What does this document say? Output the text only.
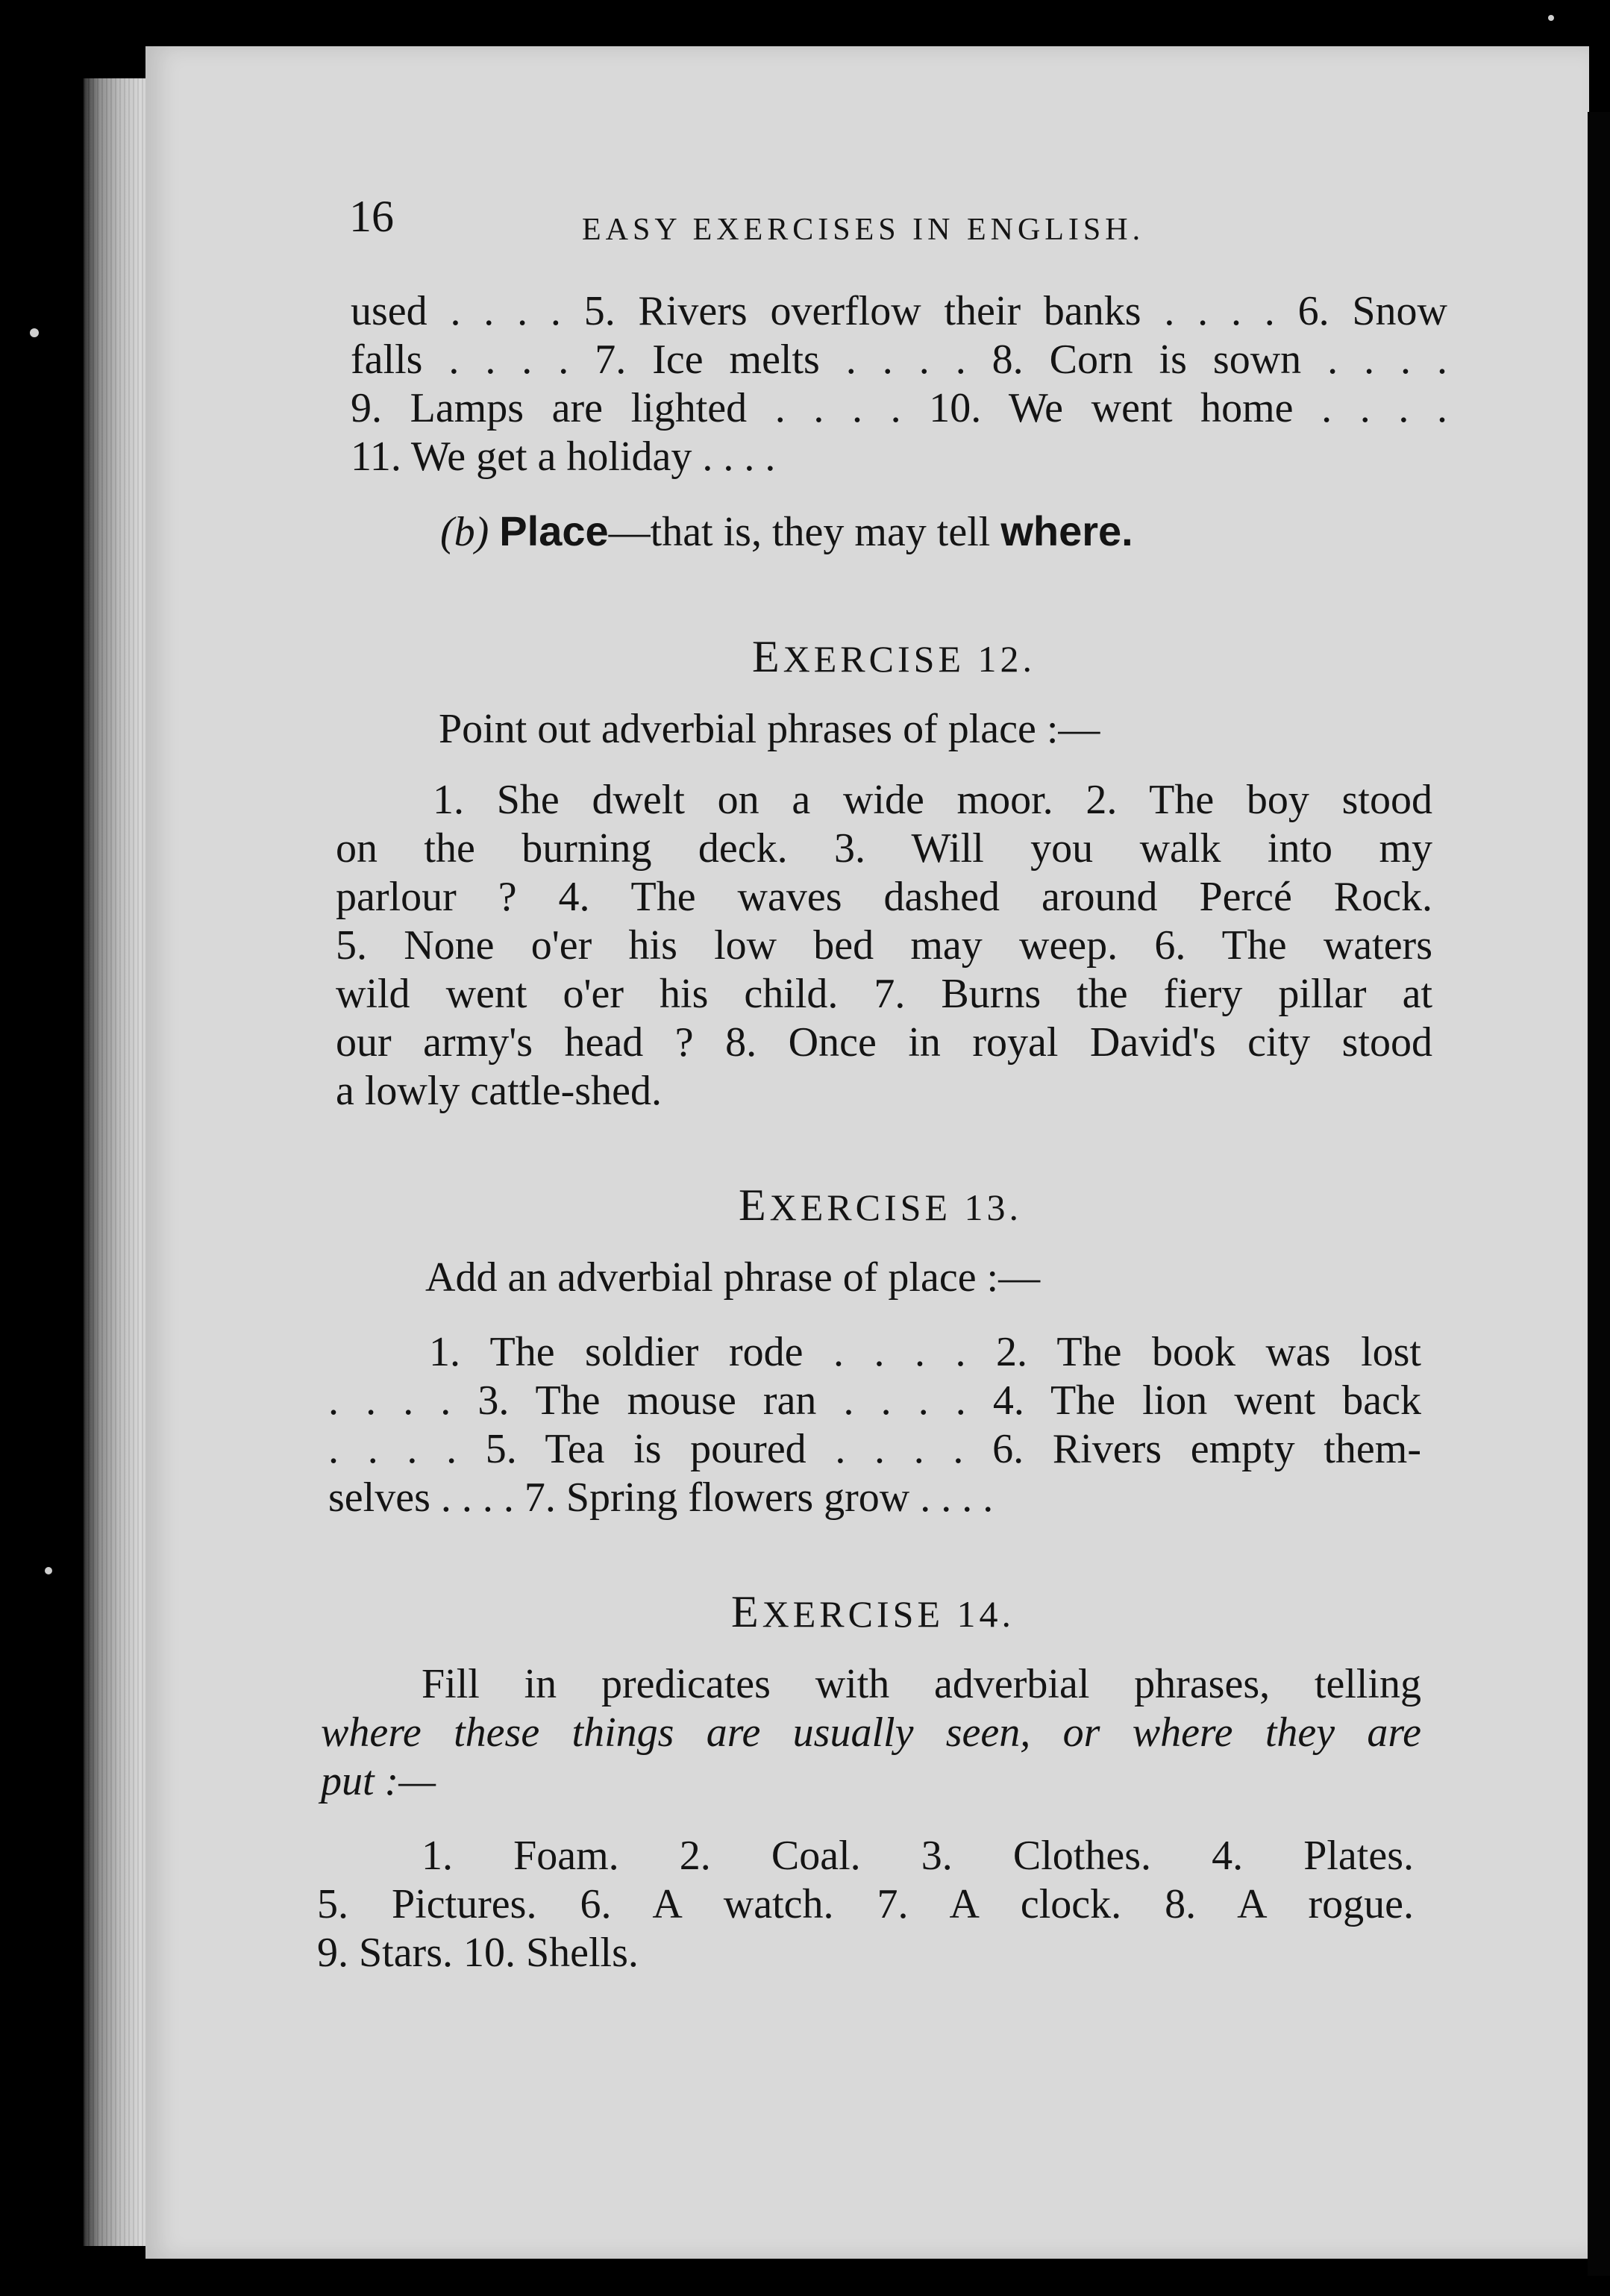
16	EASY EXERCISES IN ENGLISH.

used . . . . 5. Rivers overflow their banks . . . . 6. Snow

falls . . . . 7. Ice melts . . . . 8. Corn is sown . . . .

9. Lamps are lighted . . . . 10. We went home . . . .

11. We get a holiday . . . .

(b) Place—that is, they may tell where.

EXERCISE 12.

Point out adverbial phrases of place :—

1. She dwelt on a wide moor. 2. The boy stood

on the burning deck. 3. Will you walk into my

parlour ? 4. The waves dashed around Percé Rock.

5. None o'er his low bed may weep. 6. The waters

wild went o'er his child. 7. Burns the fiery pillar at

our army's head ? 8. Once in royal David's city stood

a lowly cattle-shed.

EXERCISE 13.

Add an adverbial phrase of place :—

1. The soldier rode . . . . 2. The book was lost

. . . . 3. The mouse ran . . . . 4. The lion went back

. . . . 5. Tea is poured . . . . 6. Rivers empty them-

selves . . . . 7. Spring flowers grow . . . .

EXERCISE 14.

Fill in predicates with adverbial phrases, telling

where these things are usually seen, or where they are

put :—

1. Foam. 2. Coal. 3. Clothes. 4. Plates.

5. Pictures. 6. A watch. 7. A clock. 8. A rogue.

9. Stars. 10. Shells.
